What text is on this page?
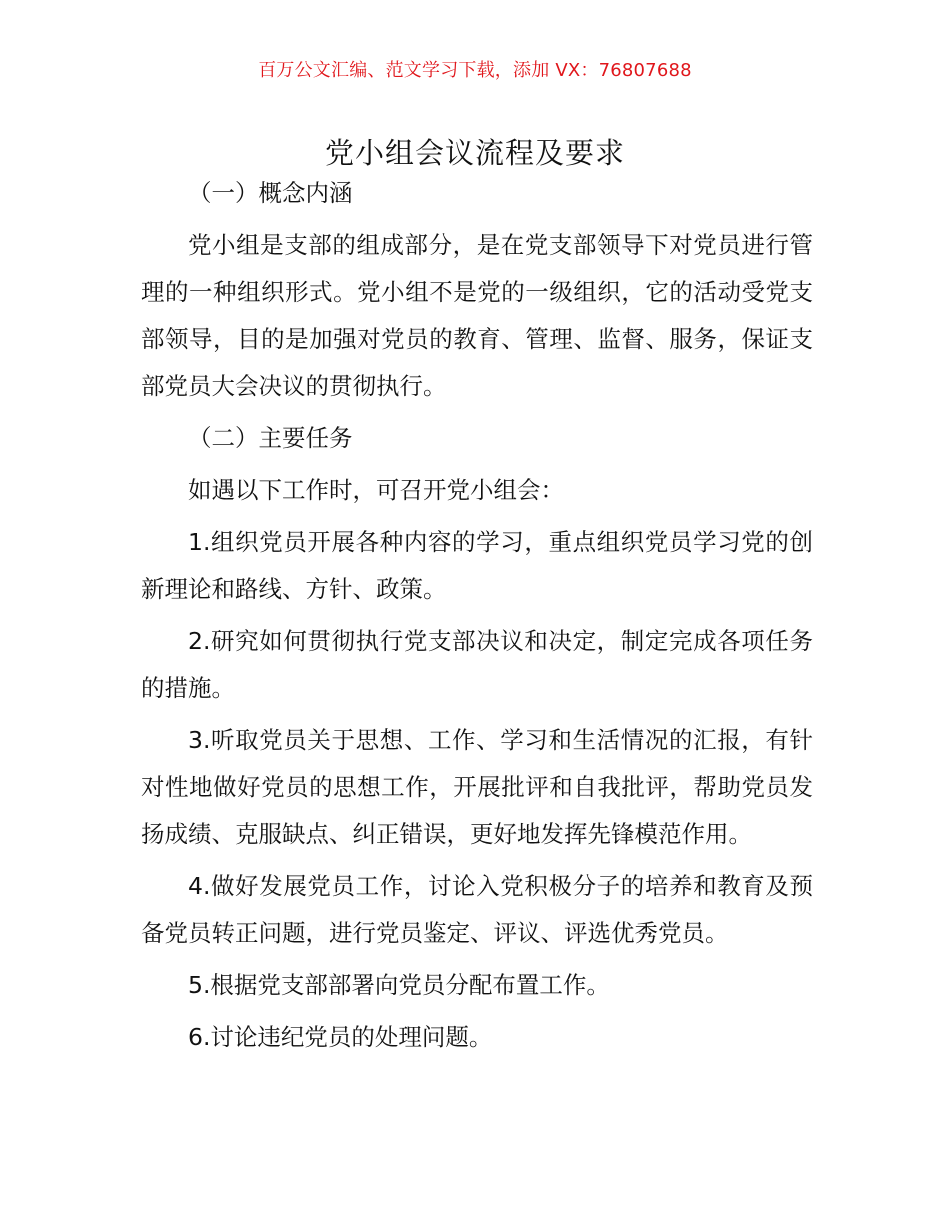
百万公文汇编、范文学习下载，添加 VX：76807688
党小组会议流程及要求

（一）概念内涵

党小组是支部的组成部分，是在党支部领导下对党员进行管理的一种组织形式。党小组不是党的一级组织，它的活动受党支部领导，目的是加强对党员的教育、管理、监督、服务，保证支部党员大会决议的贯彻执行。

（二）主要任务

如遇以下工作时，可召开党小组会：

1.组织党员开展各种内容的学习，重点组织党员学习党的创新理论和路线、方针、政策。

2.研究如何贯彻执行党支部决议和决定，制定完成各项任务的措施。

3.听取党员关于思想、工作、学习和生活情况的汇报，有针对性地做好党员的思想工作，开展批评和自我批评，帮助党员发扬成绩、克服缺点、纠正错误，更好地发挥先锋模范作用。

4.做好发展党员工作，讨论入党积极分子的培养和教育及预备党员转正问题，进行党员鉴定、评议、评选优秀党员。

5.根据党支部部署向党员分配布置工作。

6.讨论违纪党员的处理问题。
